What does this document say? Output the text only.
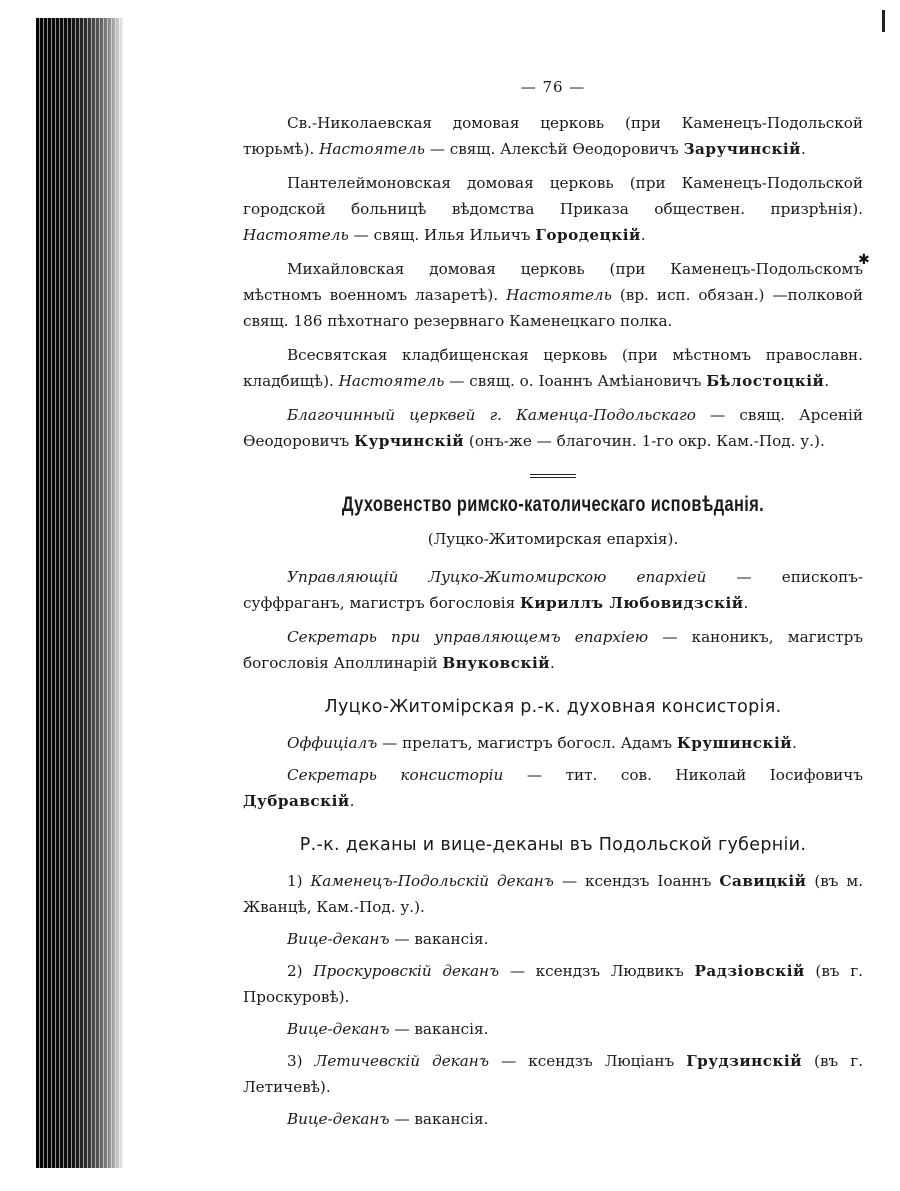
✱
— 76 —

Св.-Николаевская домовая церковь (при Каменецъ-Подольской тюрьмѣ). Настоятель — свящ. Алексѣй Ѳеодоровичъ Заручинскій.

Пантелеймоновская домовая церковь (при Каменецъ-Подольской городской больницѣ вѣдомства Приказа обществен. призрѣнія). Настоятель — свящ. Илья Ильичъ Городецкій.

Михайловская домовая церковь (при Каменецъ-Подольскомъ мѣстномъ военномъ лазаретѣ). Настоятель (вр. исп. обязан.) —полковой свящ. 186 пѣхотнаго резервнаго Каменецкаго полка.

Всесвятская кладбищенская церковь (при мѣстномъ православн. кладбищѣ). Настоятель — свящ. о. Іоаннъ Амѣіановичъ Бѣлостоцкій.

Благочинный церквей г. Каменца-Подольскаго — свящ. Арсеній Ѳеодоровичъ Курчинскій (онъ-же — благочин. 1-го окр. Кам.-Под. у.).

Духовенство римско-католическаго исповѣданія.
(Луцко-Житомирская епархія).

Управляющій Луцко-Житомирскою епархіей — епископъ-суффраганъ, магистръ богословія Кириллъ Любовидзскій.

Секретарь при управляющемъ епархіею — каноникъ, магистръ богословія Аполлинарій Внуковскій.

Луцко-Житомірская р.-к. духовная консисторія.

Оффиціалъ — прелатъ, магистръ богосл. Адамъ Крушинскій.

Секретарь консисторіи — тит. сов. Николай Іосифовичъ Дубравскій.

Р.-к. деканы и вице-деканы въ Подольской губерніи.

1) Каменецъ-Подольскій деканъ — ксендзъ Іоаннъ Савицкій (въ м. Жванцѣ, Кам.-Под. у.).

Вице-деканъ — вакансія.

2) Проскуровскій деканъ — ксендзъ Людвикъ Радзіовскій (въ г. Проскуровѣ).

Вице-деканъ — вакансія.

3) Летичевскій деканъ — ксендзъ Люціанъ Грудзинскій (въ г. Летичевѣ).

Вице-деканъ — вакансія.
